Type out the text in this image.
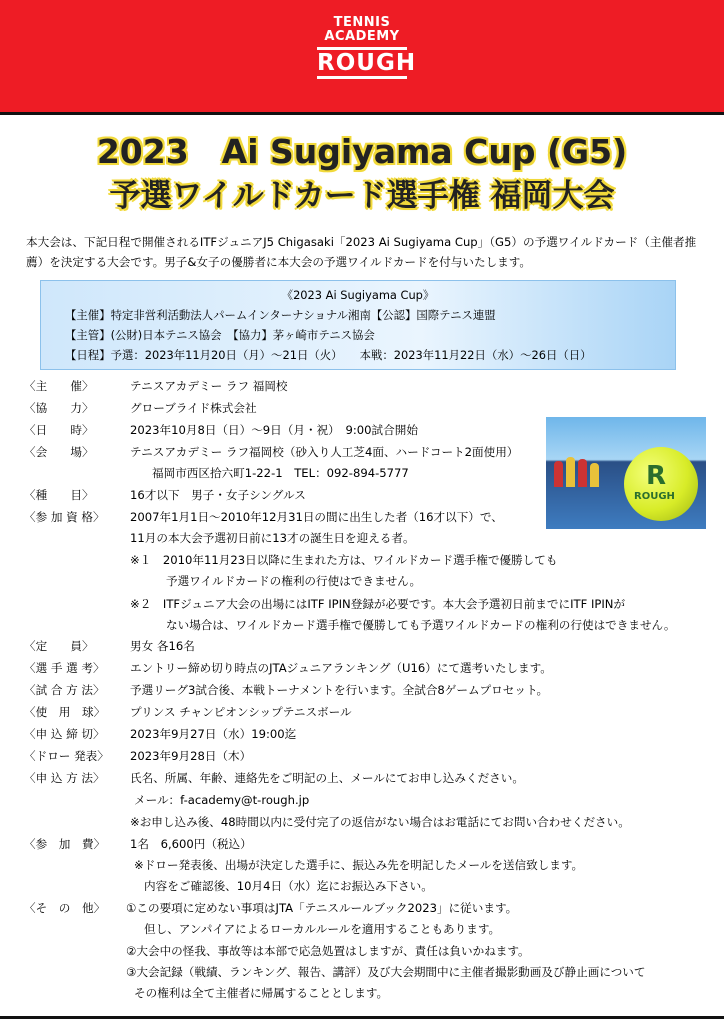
TENNIS
ACADEMY
ROUGH
2023　Ai Sugiyama Cup (G5)
予選ワイルドカード選手権 福岡大会
本大会は、下記日程で開催されるITFジュニアJ5 Chigasaki「2023 Ai Sugiyama Cup」（G5）の予選ワイルドカード（主催者推薦）を決定する大会です。男子&女子の優勝者に本大会の予選ワイルドカードを付与いたします。
《2023 Ai Sugiyama Cup》
【主催】特定非営利活動法人パームインターナショナル湘南【公認】国際テニス連盟
【主管】(公財)日本テニス協会　【協力】茅ヶ崎市テニス協会
【日程】予選：2023年11月20日（月）～21日（火）　　本戦：2023年11月22日（水）～26日（日）
R
ROUGH
〈主　　催〉	テニスアカデミー ラフ 福岡校
〈協　　力〉	グローブライド株式会社
〈日　　時〉	2023年10月8日（日）～9日（月・祝）　9:00試合開始
〈会　　場〉	テニスアカデミー ラフ福岡校（砂入り人工芝4面、ハードコート2面使用）
福岡市西区拾六町1-22-1　TEL：092-894-5777
〈種　　目〉	16才以下　男子・女子シングルス
〈参 加 資 格〉 2007年1月1日～2010年12月31日の間に出生した者（16才以下）で、
11月の本大会予選初日前に13才の誕生日を迎える者。
※１　2010年11月23日以降に生まれた方は、ワイルドカード選手権で優勝しても
予選ワイルドカードの権利の行使はできません。
※２　ITFジュニア大会の出場にはITF IPIN登録が必要です。本大会予選初日前までにITF IPINが
ない場合は、ワイルドカード選手権で優勝しても予選ワイルドカードの権利の行使はできません。
〈定　　員〉	男女 各16名
〈選 手 選 考〉 エントリー締め切り時点のJTAジュニアランキング（U16）にて選考いたします。
〈試 合 方 法〉 予選リーグ3試合後、本戦トーナメントを行います。全試合8ゲームプロセット。
〈使　用　球〉 プリンス チャンピオンシップテニスボール
〈申 込 締 切〉 2023年9月27日（水）19:00迄
〈ドロー 発表〉 2023年9月28日（木）
〈申 込 方 法〉 氏名、所属、年齢、連絡先をご明記の上、メールにてお申し込みください。
メール：f-academy@t-rough.jp
※お申し込み後、48時間以内に受付完了の返信がない場合はお電話にてお問い合わせください。
〈参　加　費〉 1名　6,600円（税込）
※ドロー発表後、出場が決定した選手に、振込み先を明記したメールを送信致します。
内容をご確認後、10月4日（水）迄にお振込み下さい。
〈そ　の　他〉 ①この要項に定めない事項はJTA「テニスルールブック2023」に従います。
但し、アンパイアによるローカルルールを適用することもあります。
②大会中の怪我、事故等は本部で応急処置はしますが、責任は負いかねます。
③大会記録（戦績、ランキング、報告、講評）及び大会期間中に主催者撮影動画及び静止画について
その権利は全て主催者に帰属することとします。
